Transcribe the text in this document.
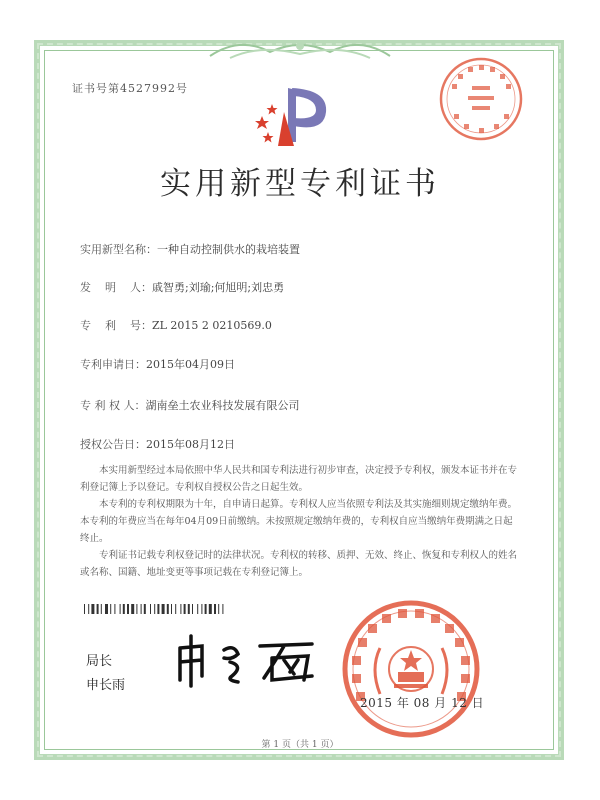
证书号第4527992号
实用新型专利证书
实用新型名称：一种自动控制供水的栽培装置
发    明    人：戚智勇;刘瑜;何旭明;刘忠勇
专    利    号：ZL 2015 2 0210569.0
专利申请日：2015年04月09日
专 利 权 人：湖南垒土农业科技发展有限公司
授权公告日：2015年08月12日

本实用新型经过本局依照中华人民共和国专利法进行初步审查，决定授予专利权，颁发本证书并在专利登记簿上予以登记。专利权自授权公告之日起生效。

本专利的专利权期限为十年，自申请日起算。专利权人应当依照专利法及其实施细则规定缴纳年费。本专利的年费应当在每年04月09日前缴纳。未按照规定缴纳年费的，专利权自应当缴纳年费期满之日起终止。

专利证书记载专利权登记时的法律状况。专利权的转移、质押、无效、终止、恢复和专利权人的姓名或名称、国籍、地址变更等事项记载在专利登记簿上。

局长
申长雨
2015 年 08 月 12 日
第 1 页（共 1 页）
